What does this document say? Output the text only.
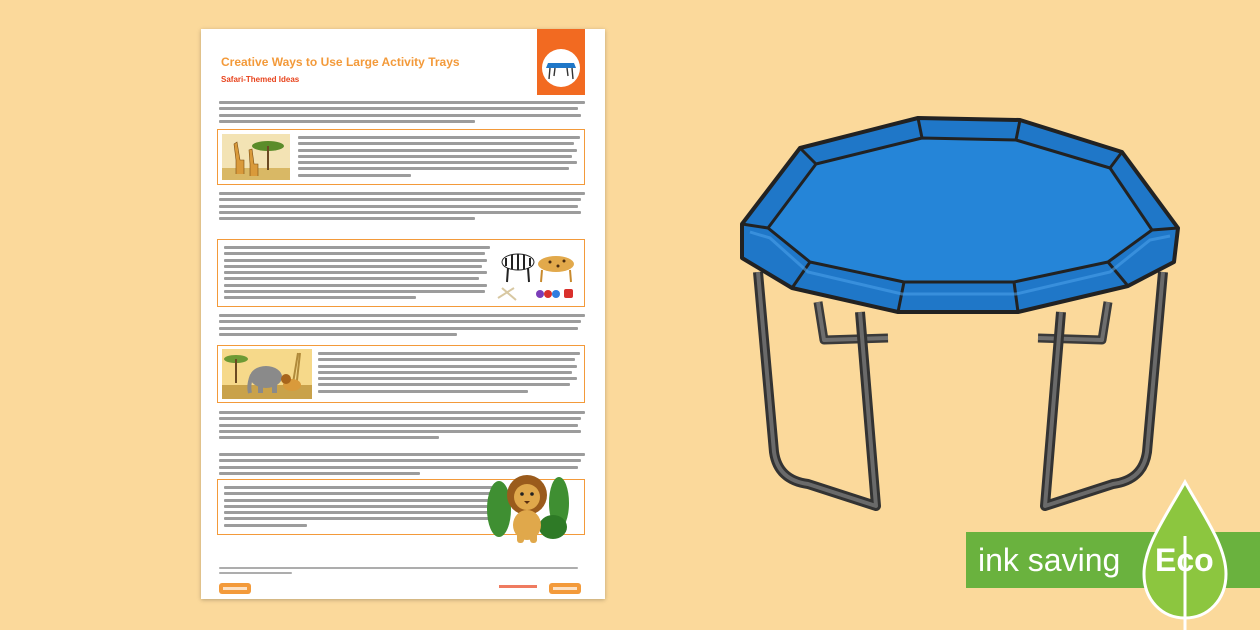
Creative Ways to Use Large Activity Trays
Safari-Themed Ideas
ink saving Eco
